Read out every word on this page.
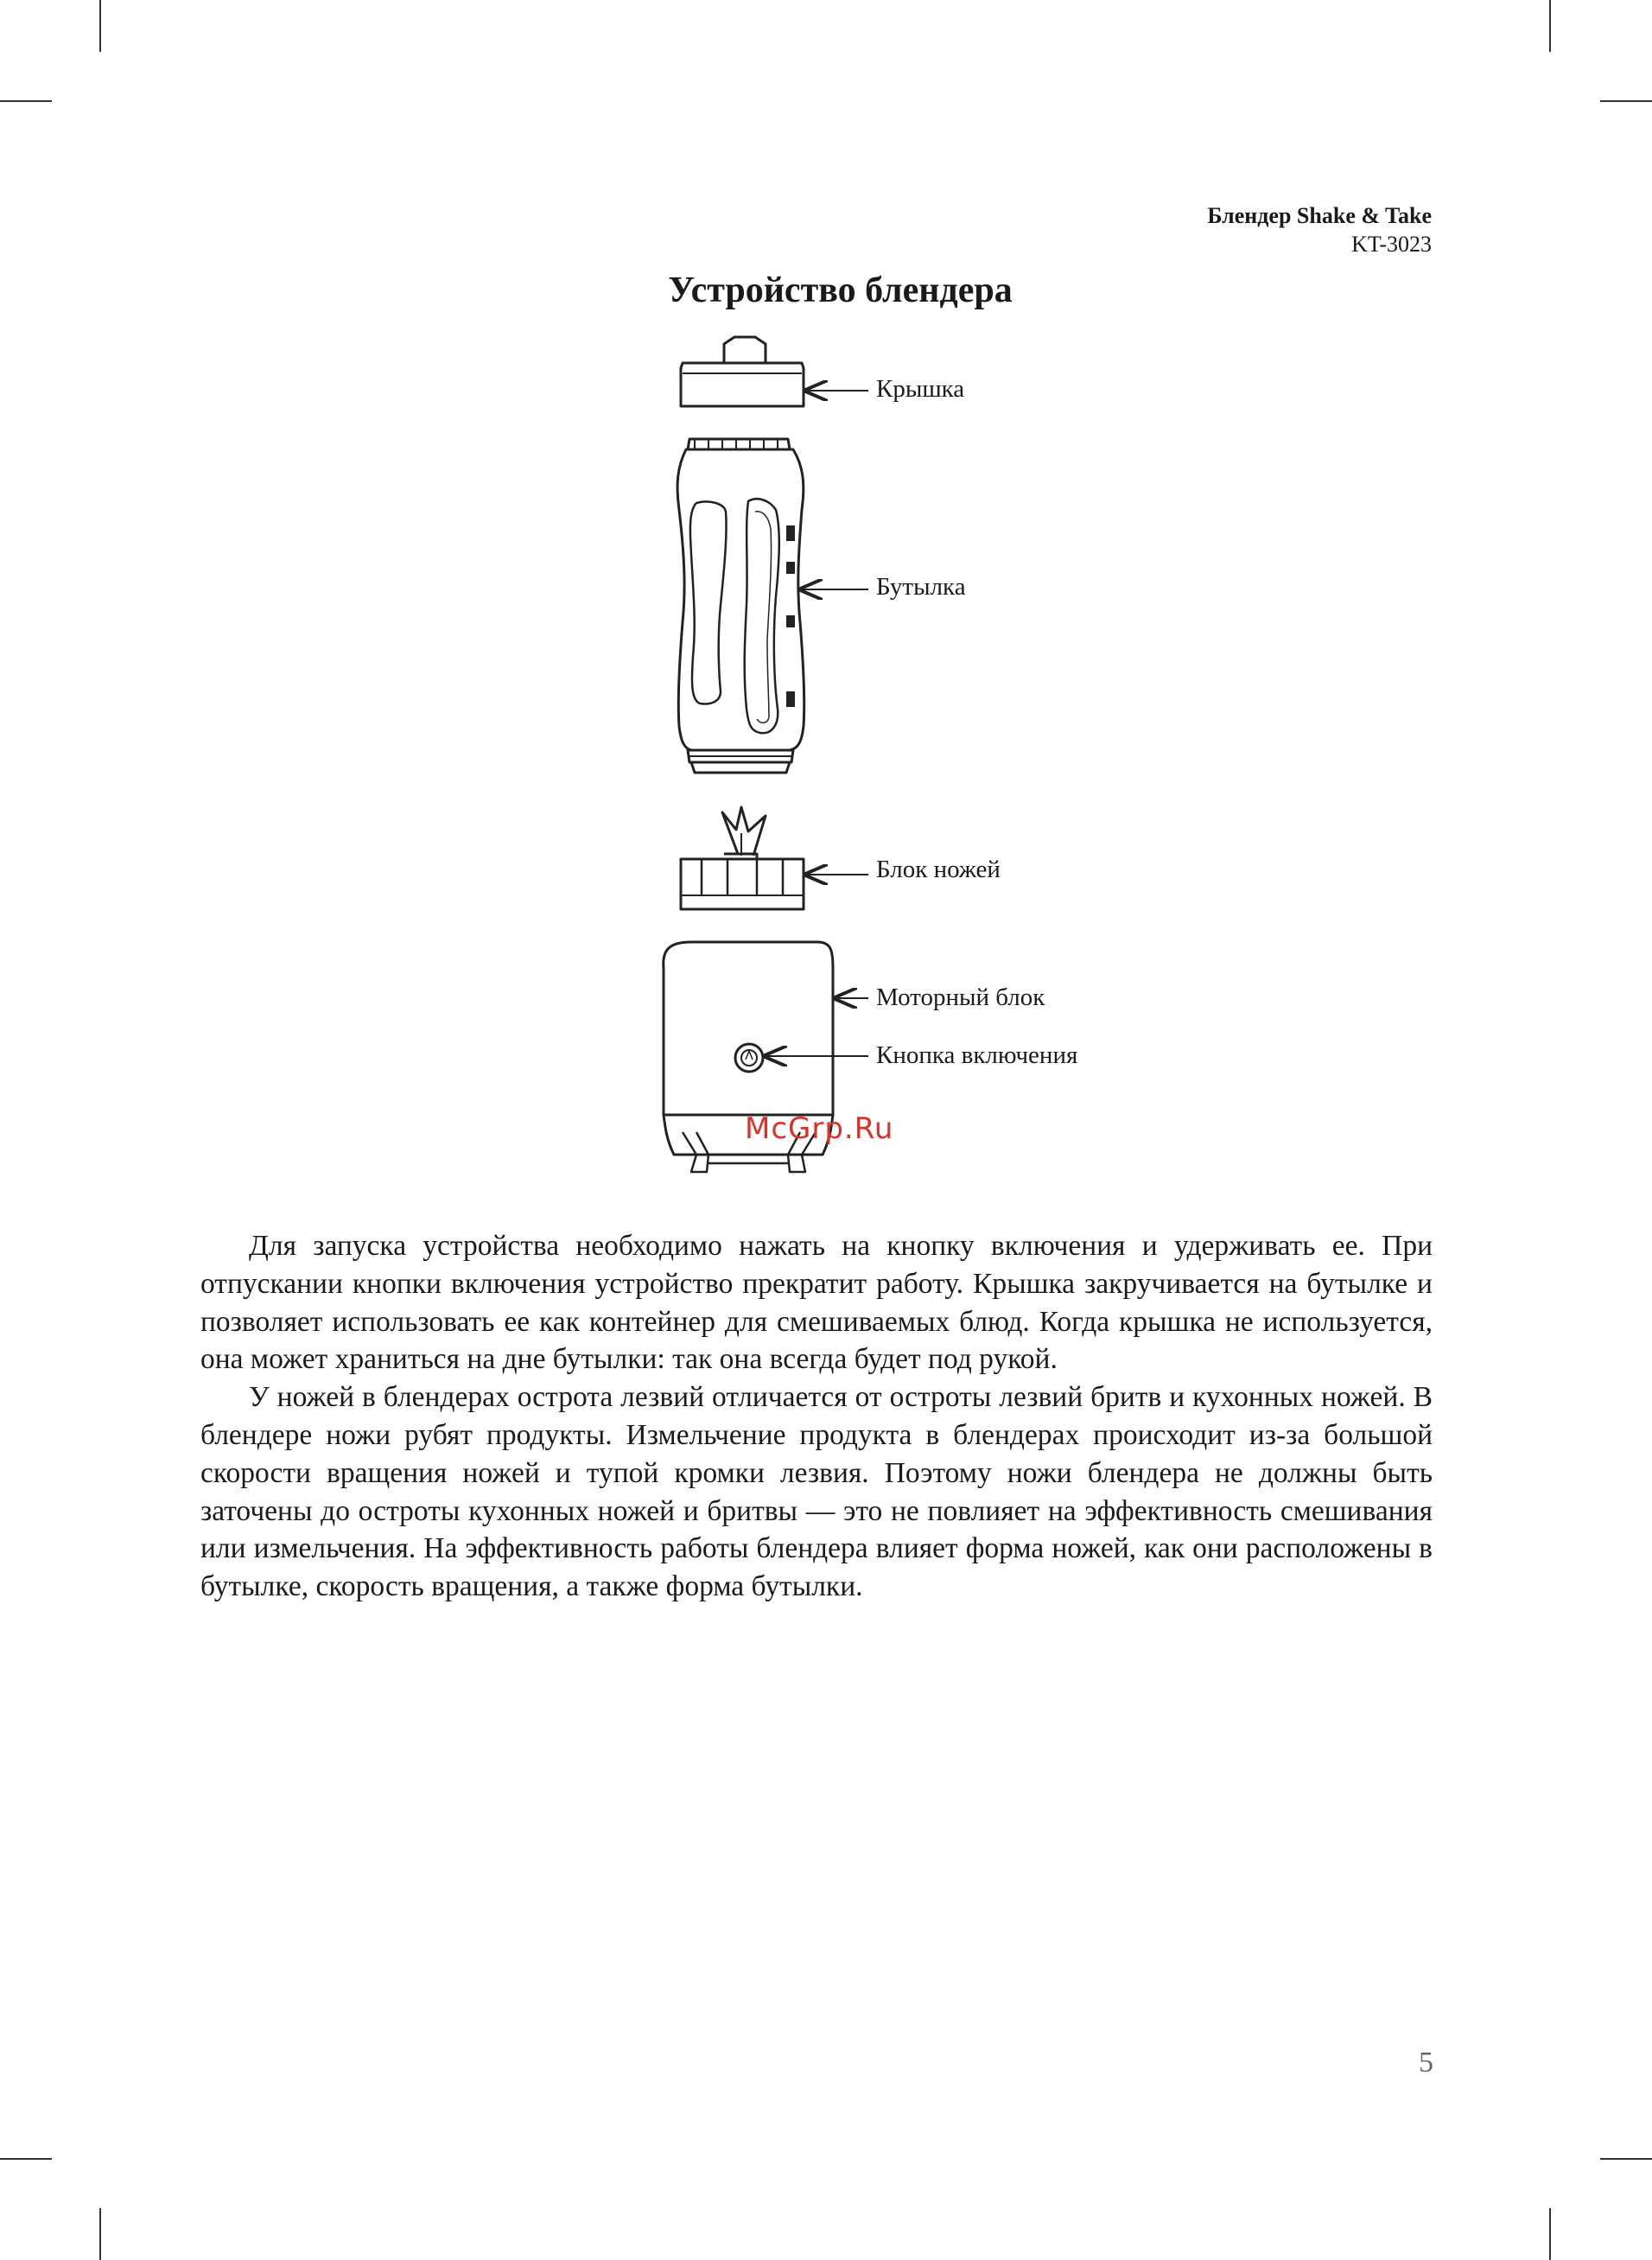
Блендер Shake & Take
KT-3023
Устройство блендера
Крышка
Бутылка
Блок ножей
Моторный блок
Кнопка включения
McGrp.Ru

Для запуска устройства необходимо нажать на кнопку включения и удерживать ее. При отпускании кнопки включения устройство прекратит работу. Крышка закручивается на бутылке и позволяет использовать ее как контейнер для смешиваемых блюд. Когда крышка не используется, она может храниться на дне бутылки: так она всегда будет под рукой.

У ножей в блендерах острота лезвий отличается от остроты лезвий бритв и кухонных ножей. В блендере ножи рубят продукты. Измельчение продукта в блендерах происходит из-за большой скорости вращения ножей и тупой кромки лезвия. Поэтому ножи блендера не должны быть заточены до остроты кухонных ножей и бритвы — это не повлияет на эффективность смешивания или измельчения. На эффективность работы блендера влияет форма ножей, как они расположены в бутылке, скорость вращения, а также форма бутылки.

5
